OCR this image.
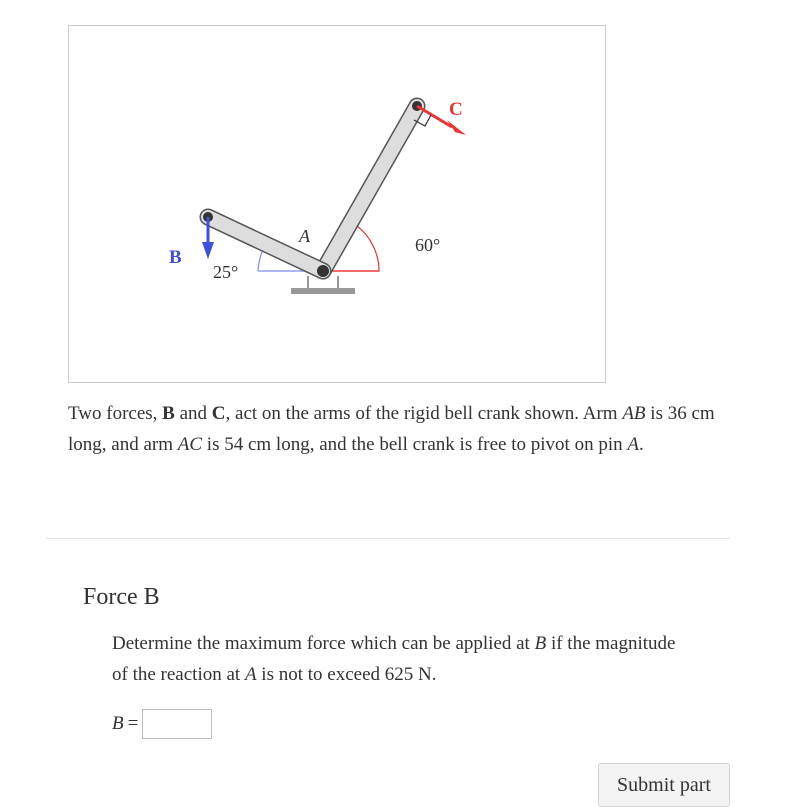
B
C
A
25°
60°
Two forces, B and C, act on the arms of the rigid bell crank shown. Arm AB is 36 cm long, and arm AC is 54 cm long, and the bell crank is free to pivot on pin A.
Force B
Determine the maximum force which can be applied at B if the magnitude of the reaction at A is not to exceed 625 N.
B =
Submit part
